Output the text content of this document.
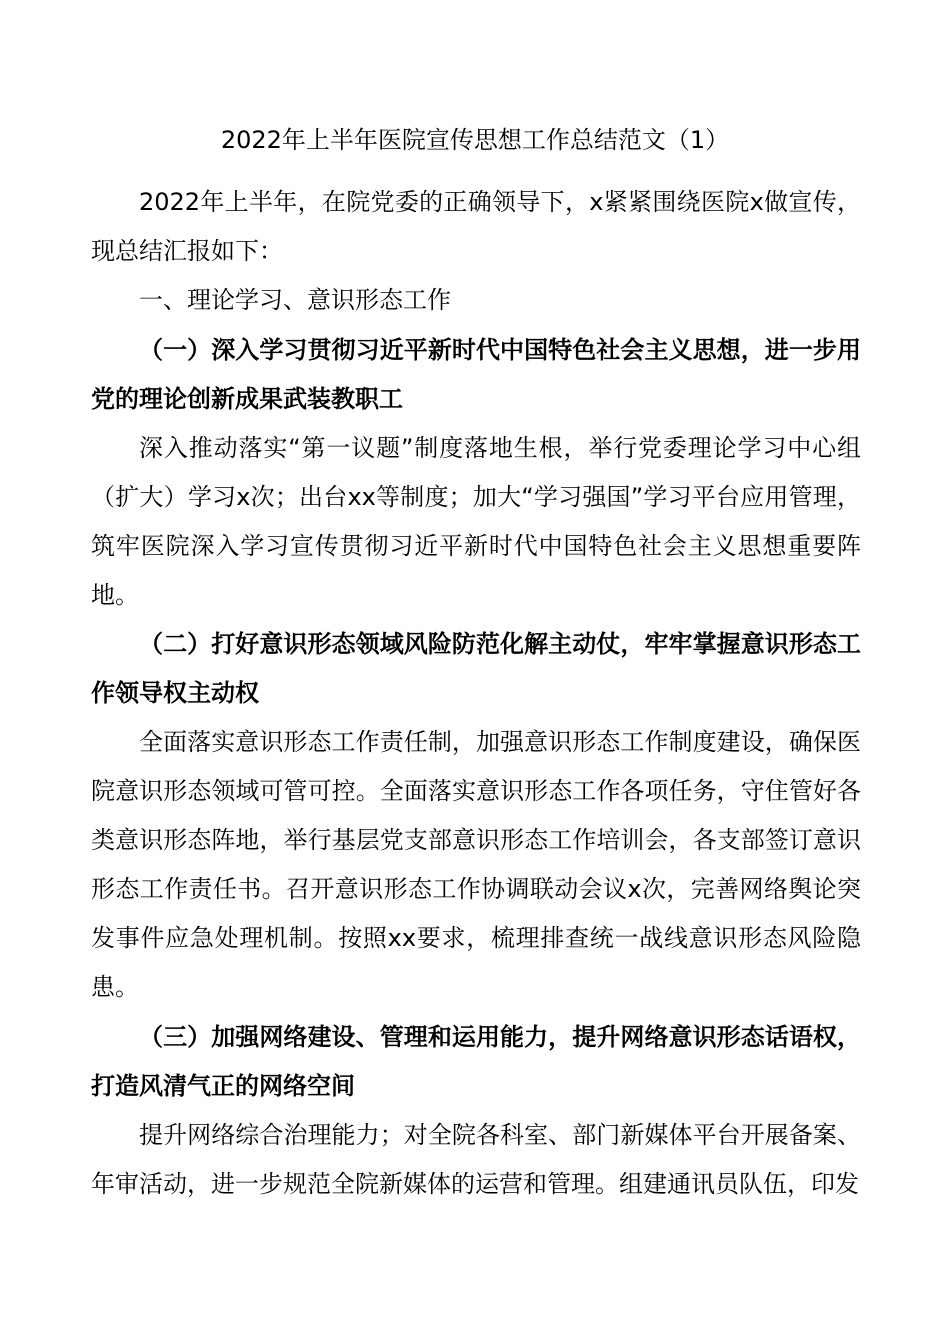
2022年上半年医院宣传思想工作总结范文（1）

2022年上半年，在院党委的正确领导下，x紧紧围绕医院x做宣传，现总结汇报如下：

一、理论学习、意识形态工作

（一）深入学习贯彻习近平新时代中国特色社会主义思想，进一步用党的理论创新成果武装教职工

深入推动落实“第一议题”制度落地生根，举行党委理论学习中心组（扩大）学习x次；出台xx等制度；加大“学习强国”学习平台应用管理，筑牢医院深入学习宣传贯彻习近平新时代中国特色社会主义思想重要阵地。

（二）打好意识形态领域风险防范化解主动仗，牢牢掌握意识形态工作领导权主动权

全面落实意识形态工作责任制，加强意识形态工作制度建设，确保医院意识形态领域可管可控。全面落实意识形态工作各项任务，守住管好各类意识形态阵地，举行基层党支部意识形态工作培训会，各支部签订意识形态工作责任书。召开意识形态工作协调联动会议x次，完善网络舆论突发事件应急处理机制。按照xx要求，梳理排查统一战线意识形态风险隐患。

（三）加强网络建设、管理和运用能力，提升网络意识形态话语权，打造风清气正的网络空间

提升网络综合治理能力；对全院各科室、部门新媒体平台开展备案、年审活动，进一步规范全院新媒体的运营和管理。组建通讯员队伍，印发
